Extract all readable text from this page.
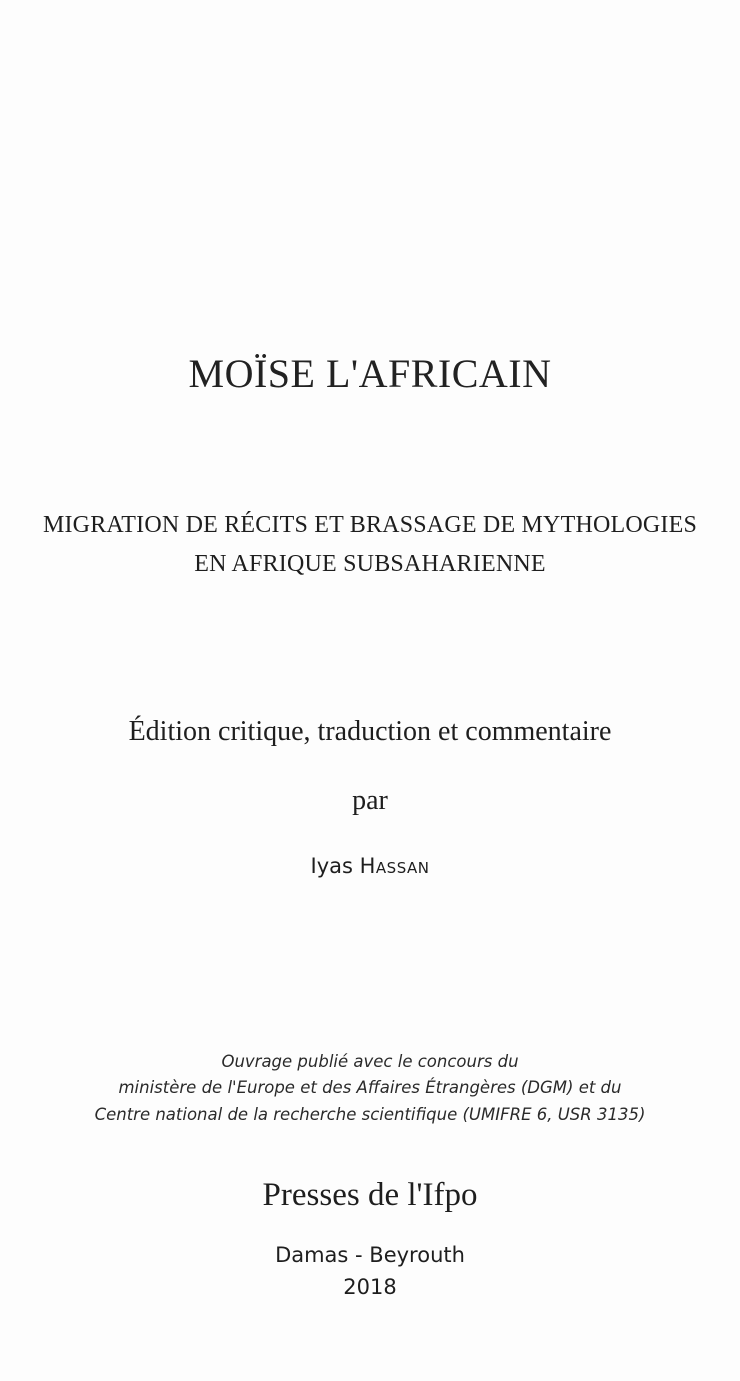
MOÏSE L'AFRICAIN
MIGRATION DE RÉCITS ET BRASSAGE DE MYTHOLOGIES
EN AFRIQUE SUBSAHARIENNE
Édition critique, traduction et commentaire
par
Iyas Hassan
Ouvrage publié avec le concours du
ministère de l'Europe et des Affaires Étrangères (DGM) et du
Centre national de la recherche scientifique (UMIFRE 6, USR 3135)
Presses de l'Ifpo
Damas - Beyrouth
2018
